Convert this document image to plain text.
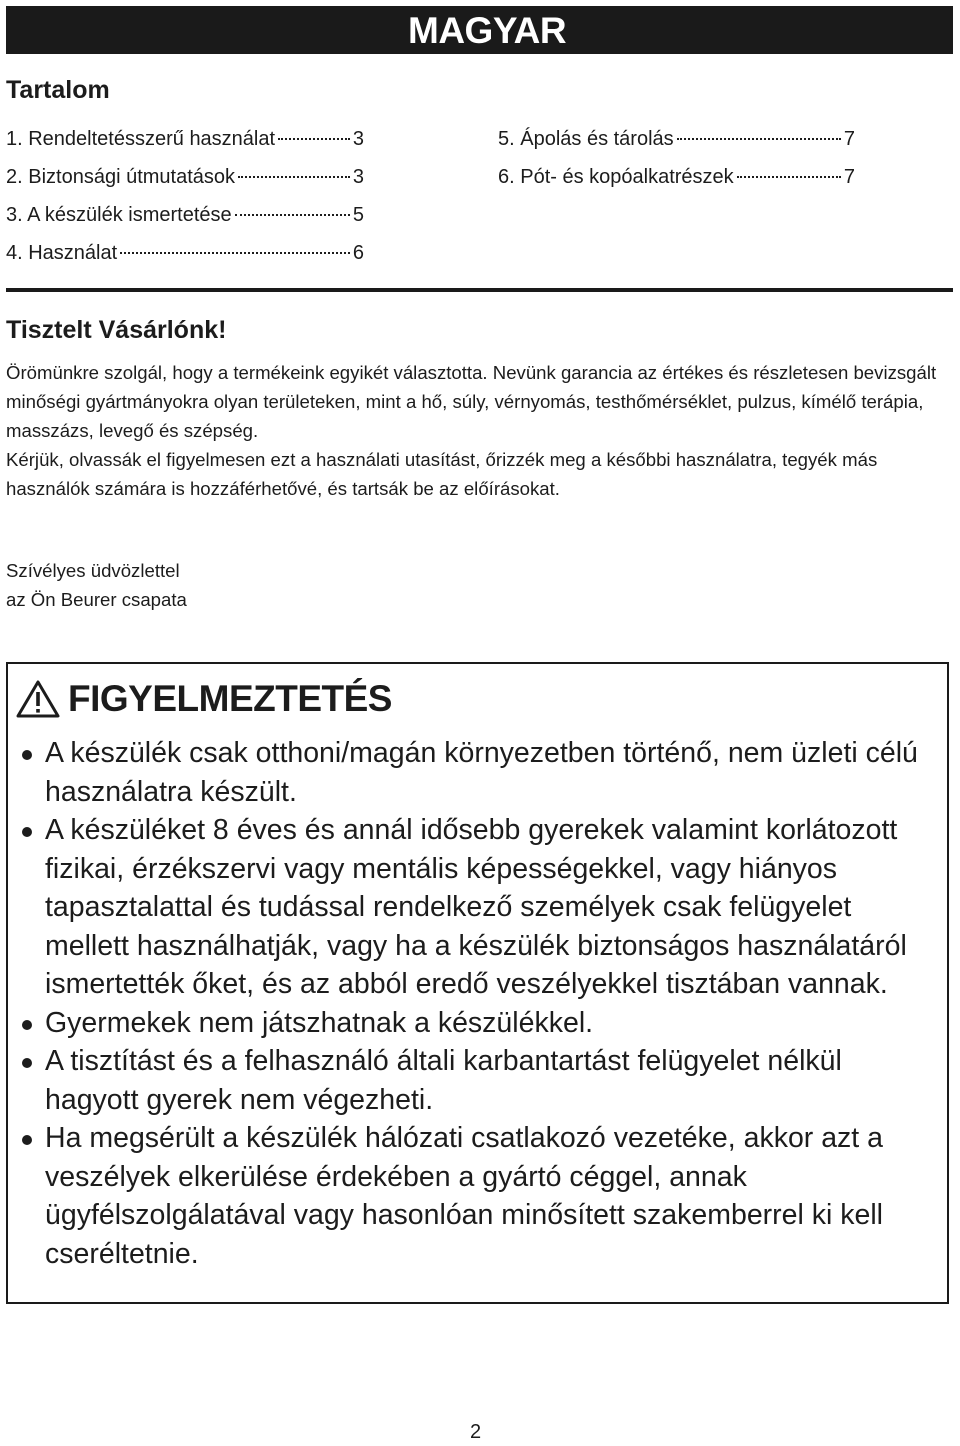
MAGYAR
Tartalom
1. Rendeltetésszerű használat	3
2. Biztonsági útmutatások	3
3. A készülék ismertetése	5
4. Használat	6
5. Ápolás és tárolás	7
6. Pót- és kopóalkatrészek	7
Tisztelt Vásárlónk!

Örömünkre szolgál, hogy a termékeink egyikét választotta. Nevünk garancia az értékes és részletesen bevizsgált minőségi gyártmányokra olyan területeken, mint a hő, súly, vérnyomás, testhőmérséklet, pulzus, kímélő terápia, masszázs, levegő és szépség.

Kérjük, olvassák el figyelmesen ezt a használati utasítást, őrizzék meg a későbbi használatra, tegyék más

használók számára is hozzáférhetővé, és tartsák be az előírásokat.

Szívélyes üdvözlettel

az Ön Beurer csapata

FIGYELMEZTETÉS
A készülék csak otthoni/magán környezetben történő, nem üzleti célú használatra készült.
A készüléket 8 éves és annál idősebb gyerekek valamint korlátozott fizikai, érzékszervi vagy mentális képességekkel, vagy hiányos tapasztalattal és tudással rendelkező személyek csak felügyelet mellett használhatják, vagy ha a készülék biztonságos használatáról ismertették őket, és az abból eredő veszélyekkel tisztában vannak.
Gyermekek nem játszhatnak a készülékkel.
A tisztítást és a felhasználó általi karbantartást felügyelet nélkül hagyott gyerek nem végezheti.
Ha megsérült a készülék hálózati csatlakozó vezetéke, akkor azt a veszélyek elkerülése érdekében a gyártó céggel, annak ügyfélszolgálatával vagy hasonlóan minősített szakemberrel ki kell cseréltetnie.
2
